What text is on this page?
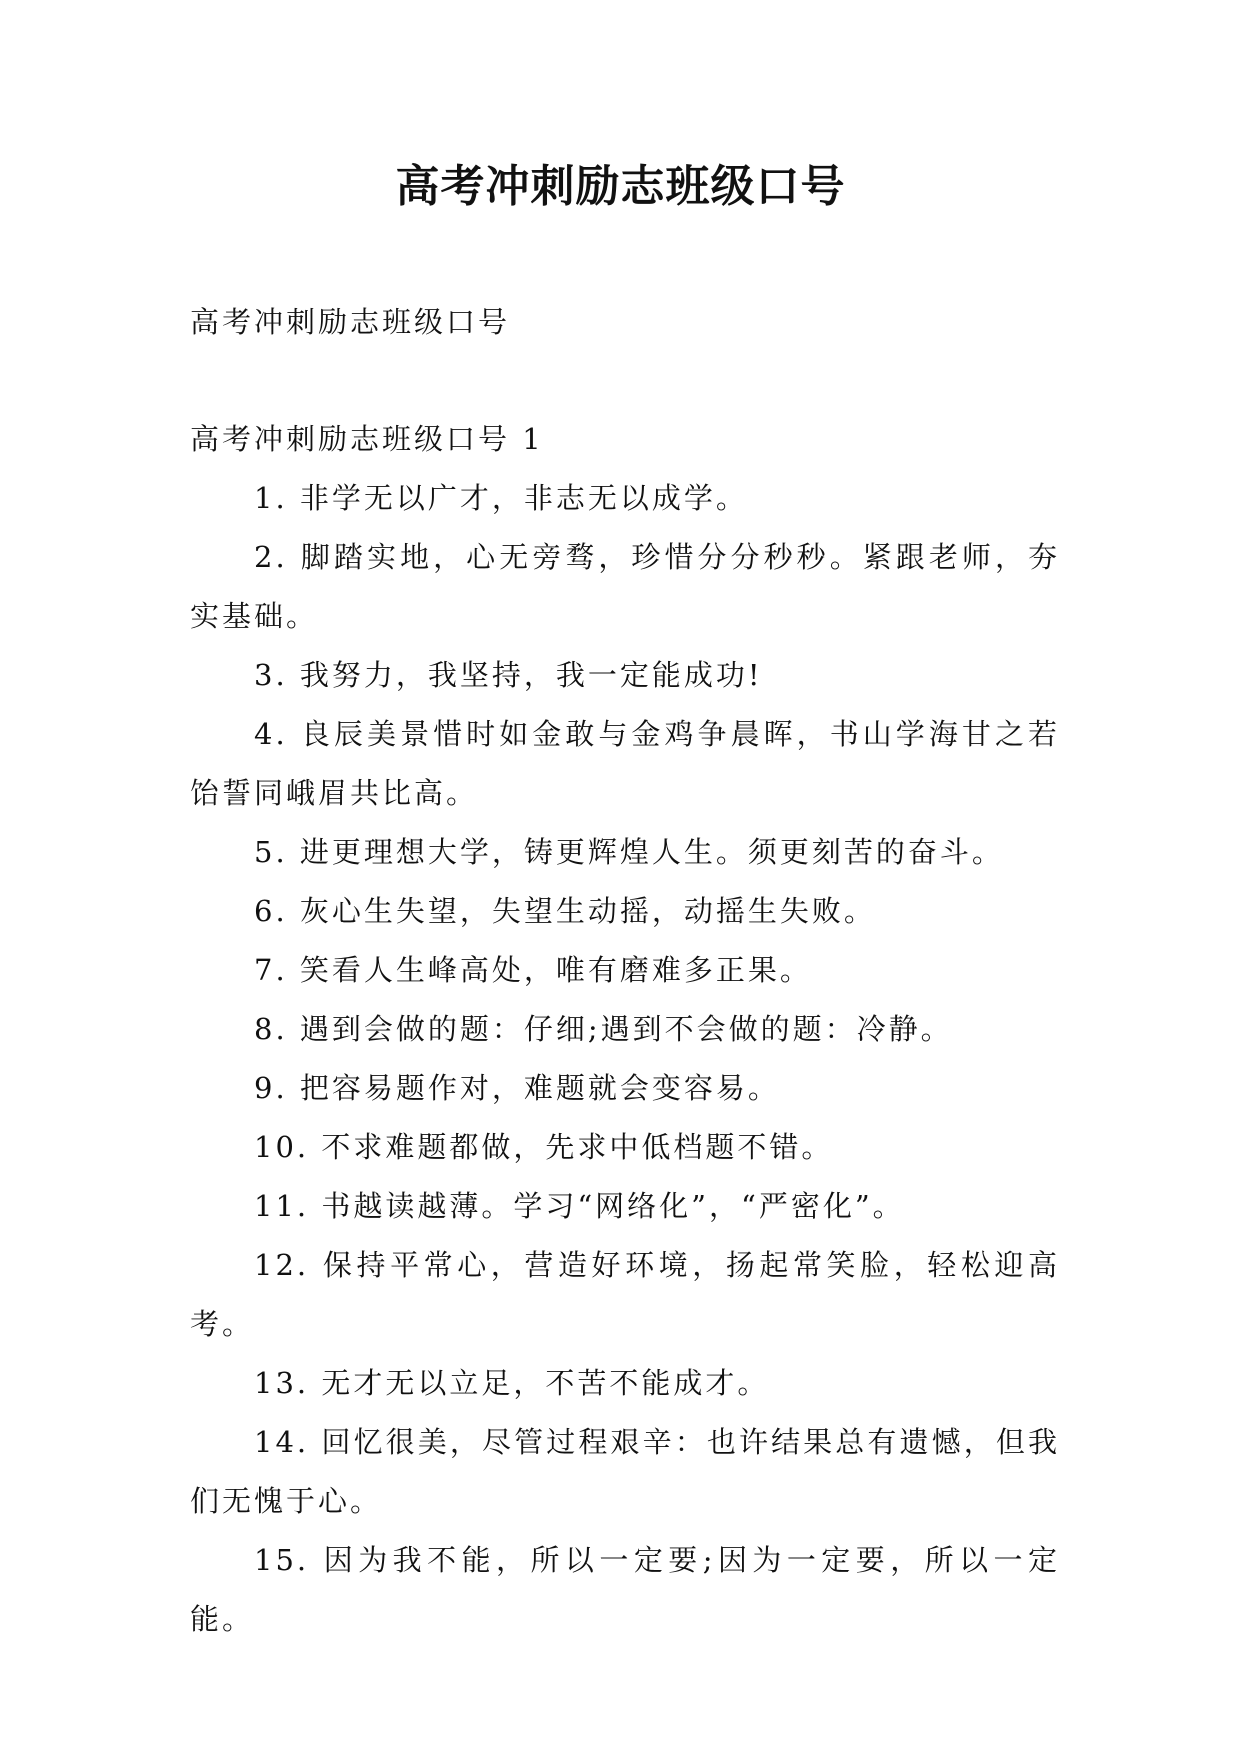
高考冲刺励志班级口号

高考冲刺励志班级口号

高考冲刺励志班级口号 1

1. 非学无以广才，非志无以成学。

2. 脚踏实地，心无旁骛，珍惜分分秒秒。紧跟老师，夯实基础。

3. 我努力，我坚持，我一定能成功!

4. 良辰美景惜时如金敢与金鸡争晨晖，书山学海甘之若饴誓同峨眉共比高。

5. 进更理想大学，铸更辉煌人生。须更刻苦的奋斗。

6. 灰心生失望，失望生动摇，动摇生失败。

7. 笑看人生峰高处，唯有磨难多正果。

8. 遇到会做的题：仔细;遇到不会做的题：冷静。

9. 把容易题作对，难题就会变容易。

10. 不求难题都做，先求中低档题不错。

11. 书越读越薄。学习“网络化”，“严密化”。

12. 保持平常心，营造好环境，扬起常笑脸，轻松迎高考。

13. 无才无以立足，不苦不能成才。

14. 回忆很美，尽管过程艰辛：也许结果总有遗憾，但我们无愧于心。

15. 因为我不能，所以一定要;因为一定要，所以一定能。
